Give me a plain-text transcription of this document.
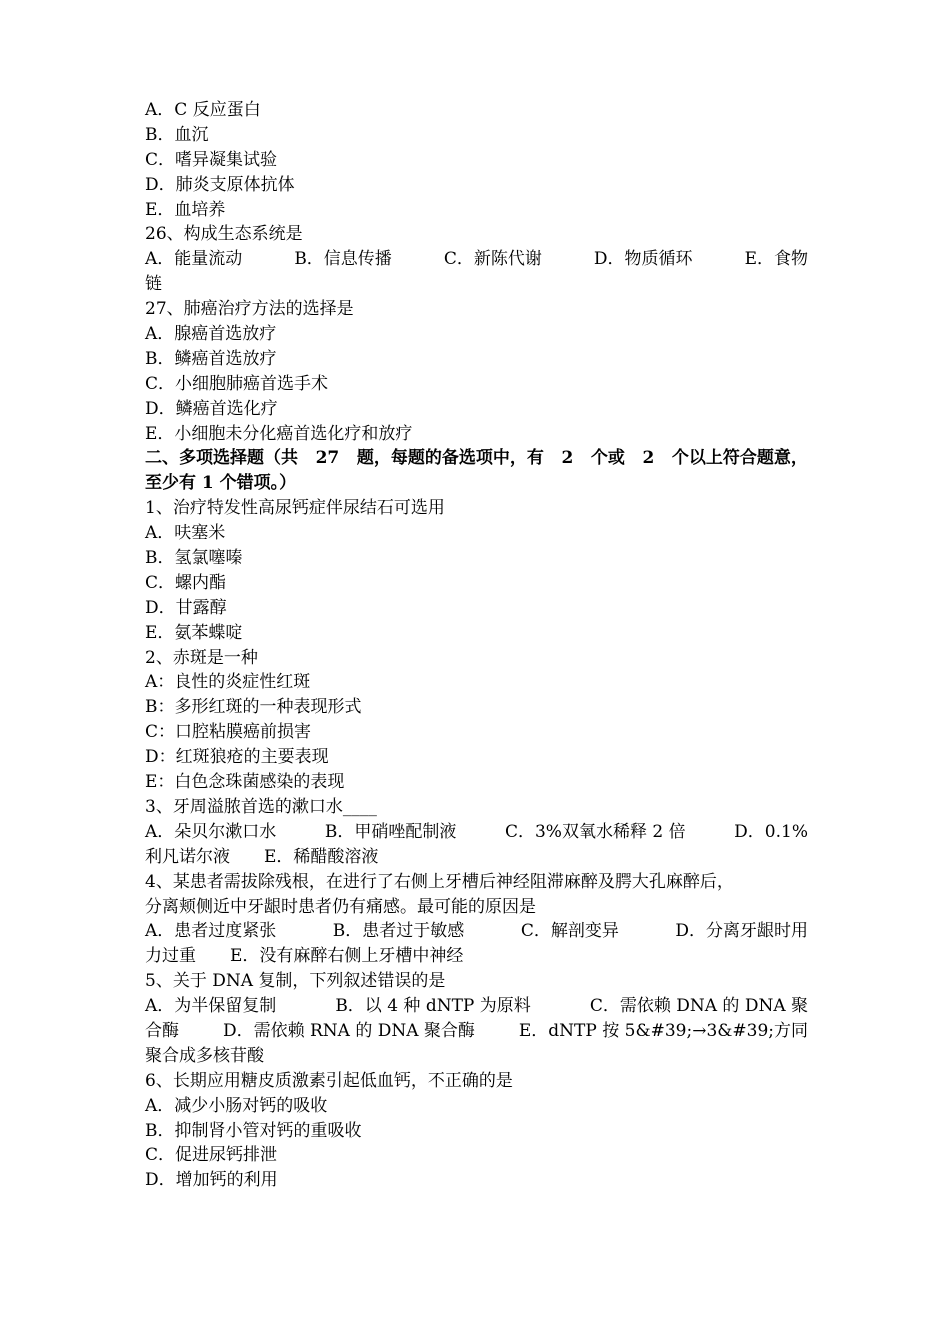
A．C 反应蛋白
B．血沉
C．嗜异凝集试验
D．肺炎支原体抗体
E．血培养
26、构成生态系统是
A．能量流动	B．信息传播	C．新陈代谢	D．物质循环	E．食物
链
27、肺癌治疗方法的选择是
A．腺癌首选放疗
B．鳞癌首选放疗
C．小细胞肺癌首选手术
D．鳞癌首选化疗
E．小细胞未分化癌首选化疗和放疗
二、多项选择题（共 27 题，每题的备选项中，有 2 个或 2 个以上符合题意，
至少有 1 个错项。）
1、治疗特发性高尿钙症伴尿结石可选用
A．呋塞米
B．氢氯噻嗪
C．螺内酯
D．甘露醇
E．氨苯蝶啶
2、赤斑是一种
A：良性的炎症性红斑
B：多形红斑的一种表现形式
C：口腔粘膜癌前损害
D：红斑狼疮的主要表现
E：白色念珠菌感染的表现
3、牙周溢脓首选的漱口水____
A．朵贝尔漱口水	B．甲硝唑配制液	C．3%双氧水稀释 2 倍	D．0.1%
利凡诺尔液　　E．稀醋酸溶液
4、某患者需拔除残根，在进行了右侧上牙槽后神经阻滞麻醉及腭大孔麻醉后，
分离颊侧近中牙龈时患者仍有痛感。最可能的原因是
A．患者过度紧张	B．患者过于敏感	C．解剖变异	D．分离牙龈时用
力过重　　E．没有麻醉右侧上牙槽中神经
5、关于 DNA 复制，下列叙述错误的是
A．为半保留复制	B．以 4 种 dNTP 为原料	C．需依赖 DNA 的 DNA 聚
合酶	D．需依赖 RNA 的 DNA 聚合酶	E．dNTP 按 5&#39;→3&#39;方同
聚合成多核苷酸
6、长期应用糖皮质激素引起低血钙，不正确的是
A．减少小肠对钙的吸收
B．抑制肾小管对钙的重吸收
C．促进尿钙排泄
D．增加钙的利用
